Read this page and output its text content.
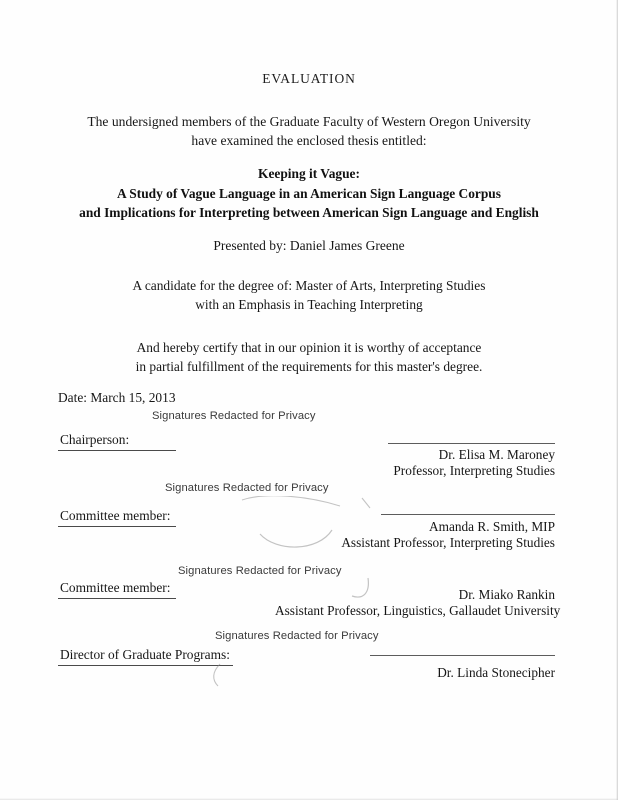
EVALUATION
The undersigned members of the Graduate Faculty of Western Oregon University
have examined the enclosed thesis entitled:
Keeping it Vague:
A Study of Vague Language in an American Sign Language Corpus
and Implications for Interpreting between American Sign Language and English
Presented by: Daniel James Greene
A candidate for the degree of: Master of Arts, Interpreting Studies
with an Emphasis in Teaching Interpreting
And hereby certify that in our opinion it is worthy of acceptance
in partial fulfillment of the requirements for this master's degree.
Date: March 15, 2013
Signatures Redacted for Privacy
Chairperson:
Dr. Elisa M. Maroney
Professor, Interpreting Studies
Signatures Redacted for Privacy
Committee member:
Amanda R. Smith, MIP
Assistant Professor, Interpreting Studies
Signatures Redacted for Privacy
Committee member:	Dr. Miako Rankin
Assistant Professor, Linguistics, Gallaudet University
Signatures Redacted for Privacy
Director of Graduate Programs:
Dr. Linda Stonecipher
